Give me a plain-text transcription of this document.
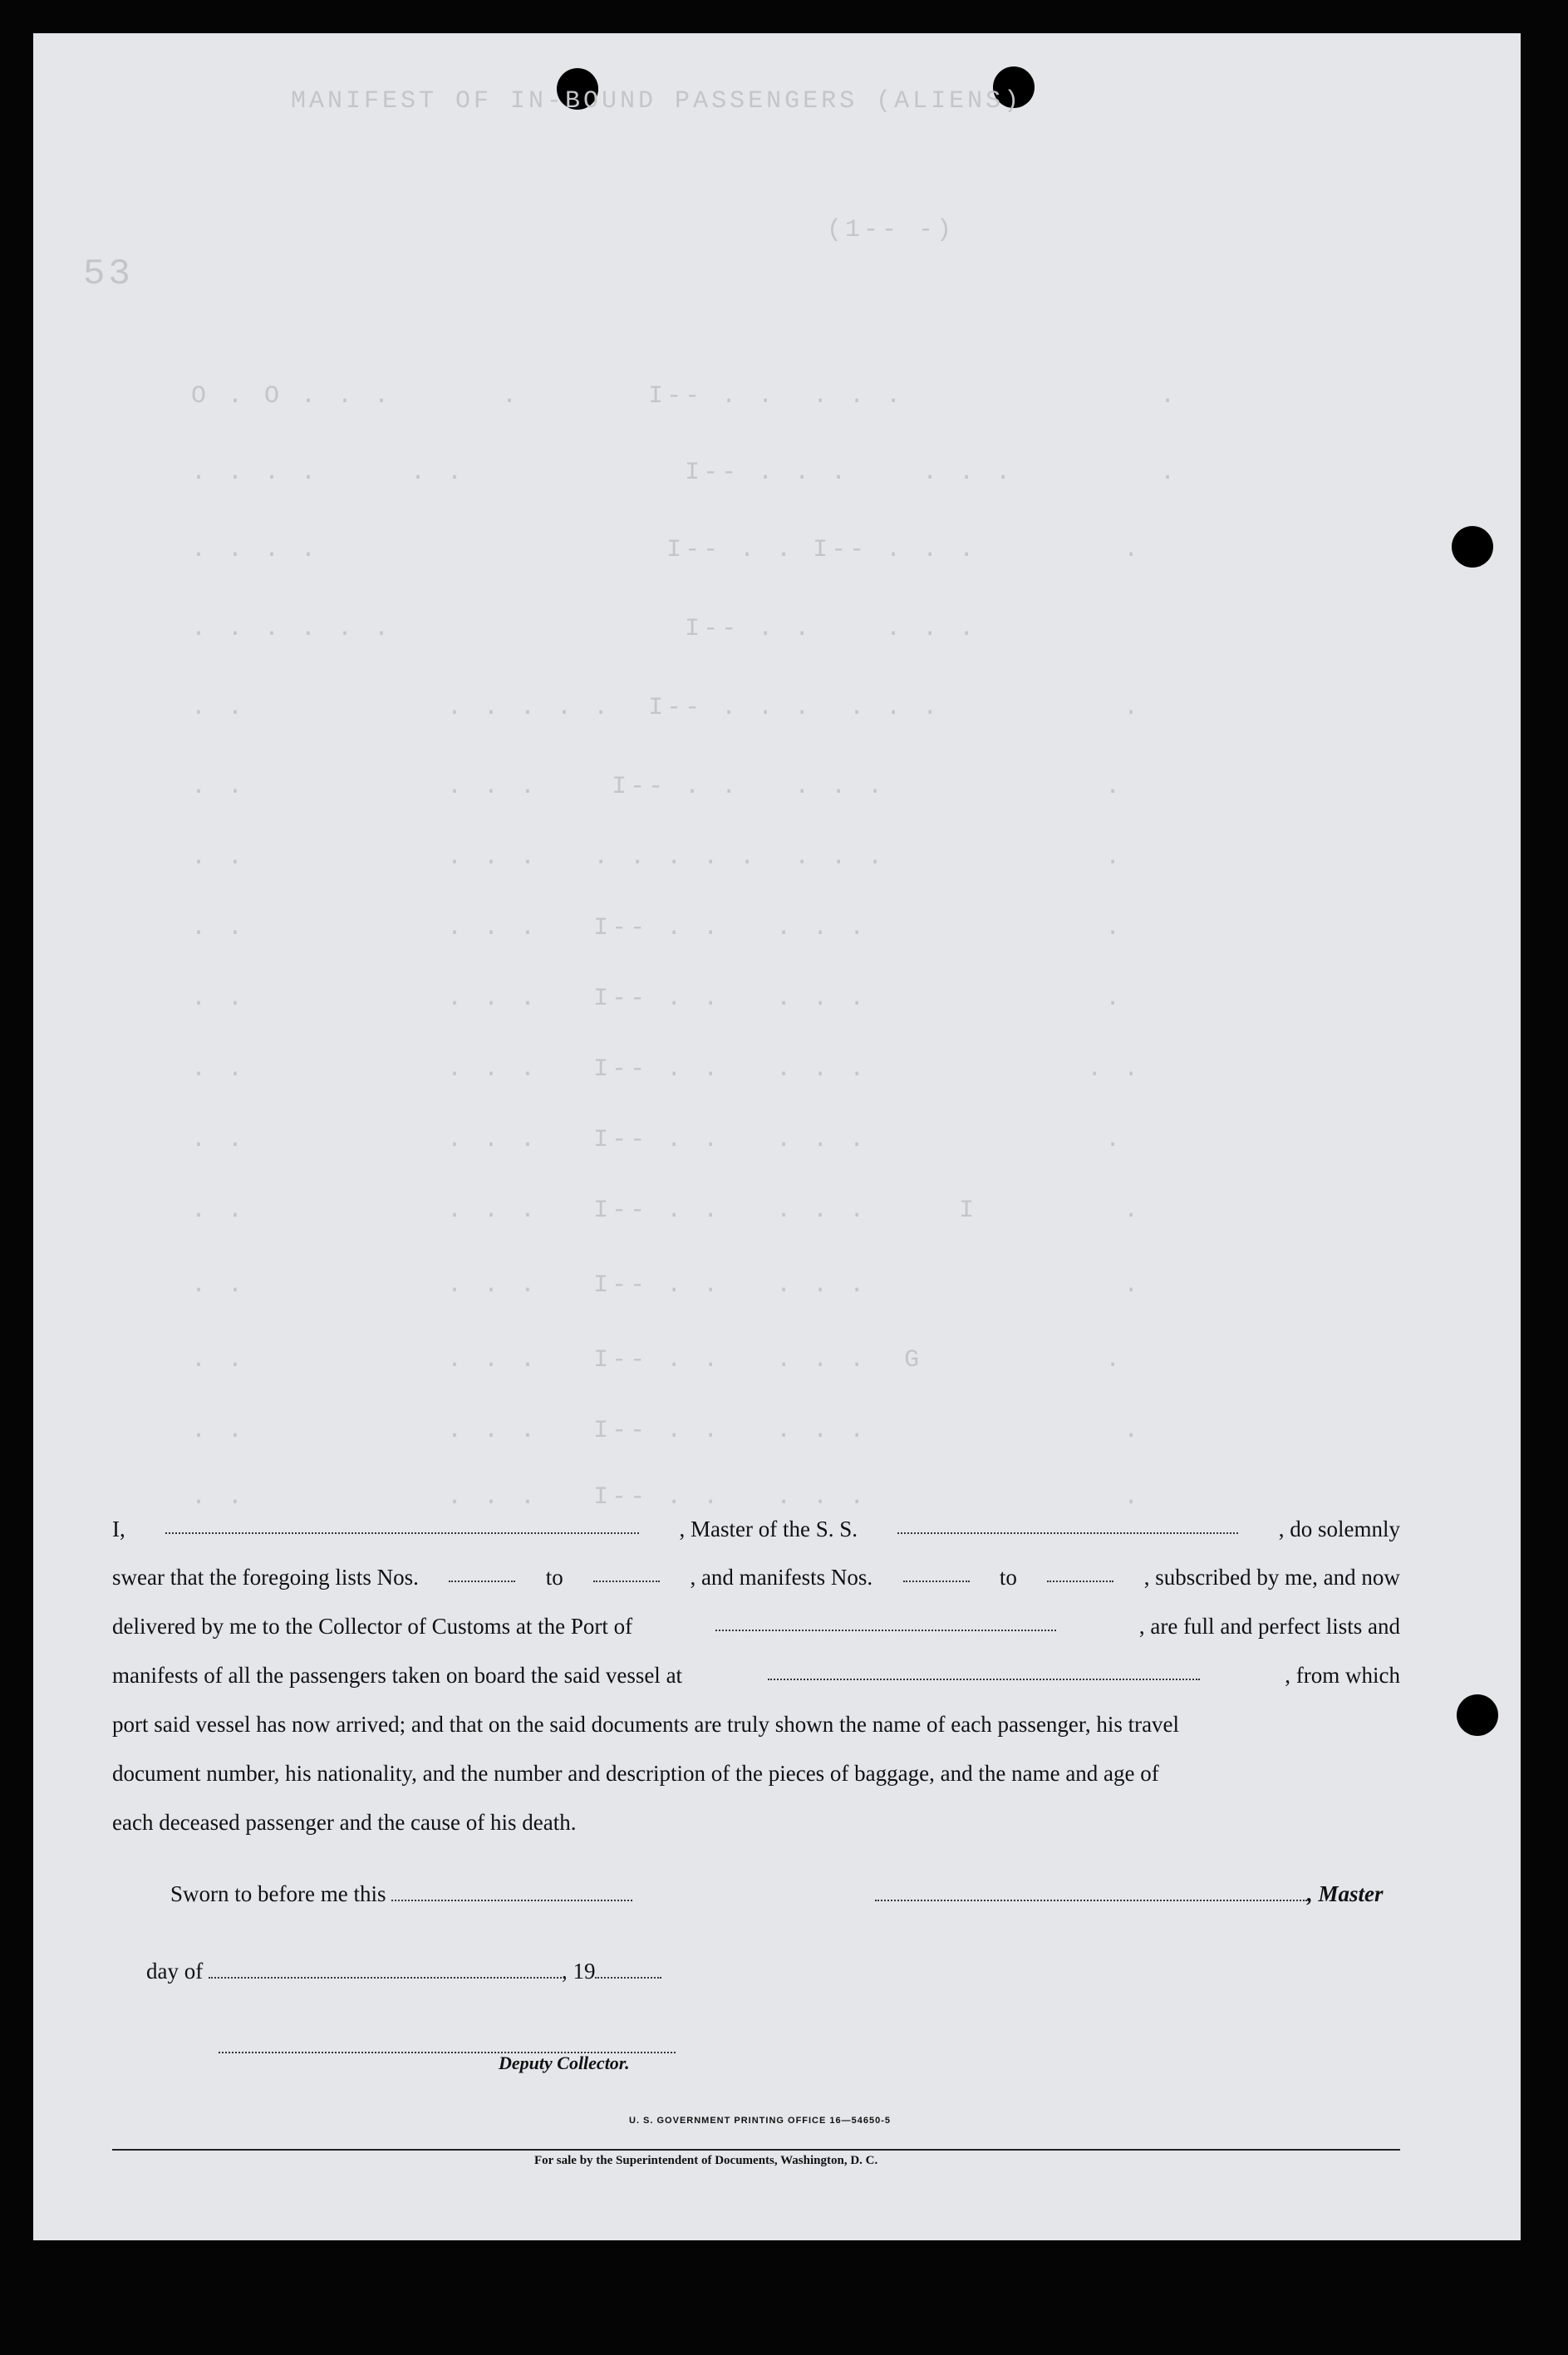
MANIFEST OF IN-BOUND PASSENGERS (ALIENS)
(1-- -)
53
O . O . . .      .       I-- . .  . . .              .
. . . .     . .            I-- . . .    . . .        .
. . . .                   I-- . . I-- . . .        .
. . . . . .                I-- . .    . . .
. .           . . . . .  I-- . . .  . . .          .
. .           . . .    I-- . .   . . .            .
. .           . . .   . . . . .  . . .            .
. .           . . .   I-- . .   . . .             .
. .           . . .   I-- . .   . . .             .
. .           . . .   I-- . .   . . .            . .
. .           . . .   I-- . .   . . .             .
. .           . . .   I-- . .   . . .     I        .
. .           . . .   I-- . .   . . .              .
. .           . . .   I-- . .   . . .  G          .
. .           . . .   I-- . .   . . .              .
. .           . . .   I-- . .   . . .              .
I,	, Master of the S. S.	, do solemnly
swear that the foregoing lists Nos.	to	, and manifests Nos.	to	, subscribed by me, and now
delivered by me to the Collector of Customs at the Port of	, are full and perfect lists and
manifests of all the passengers taken on board the said vessel at	, from which
port said vessel has now arrived; and that on the said documents are truly shown the name of each passenger, his travel
document number, his nationality, and the number and description of the pieces of baggage, and the name and age of
each deceased passenger and the cause of his death.
Sworn to before me this	, Master
day of	, 19
Deputy Collector.
U. S. GOVERNMENT PRINTING OFFICE 16—54650-5
For sale by the Superintendent of Documents, Washington, D. C.
